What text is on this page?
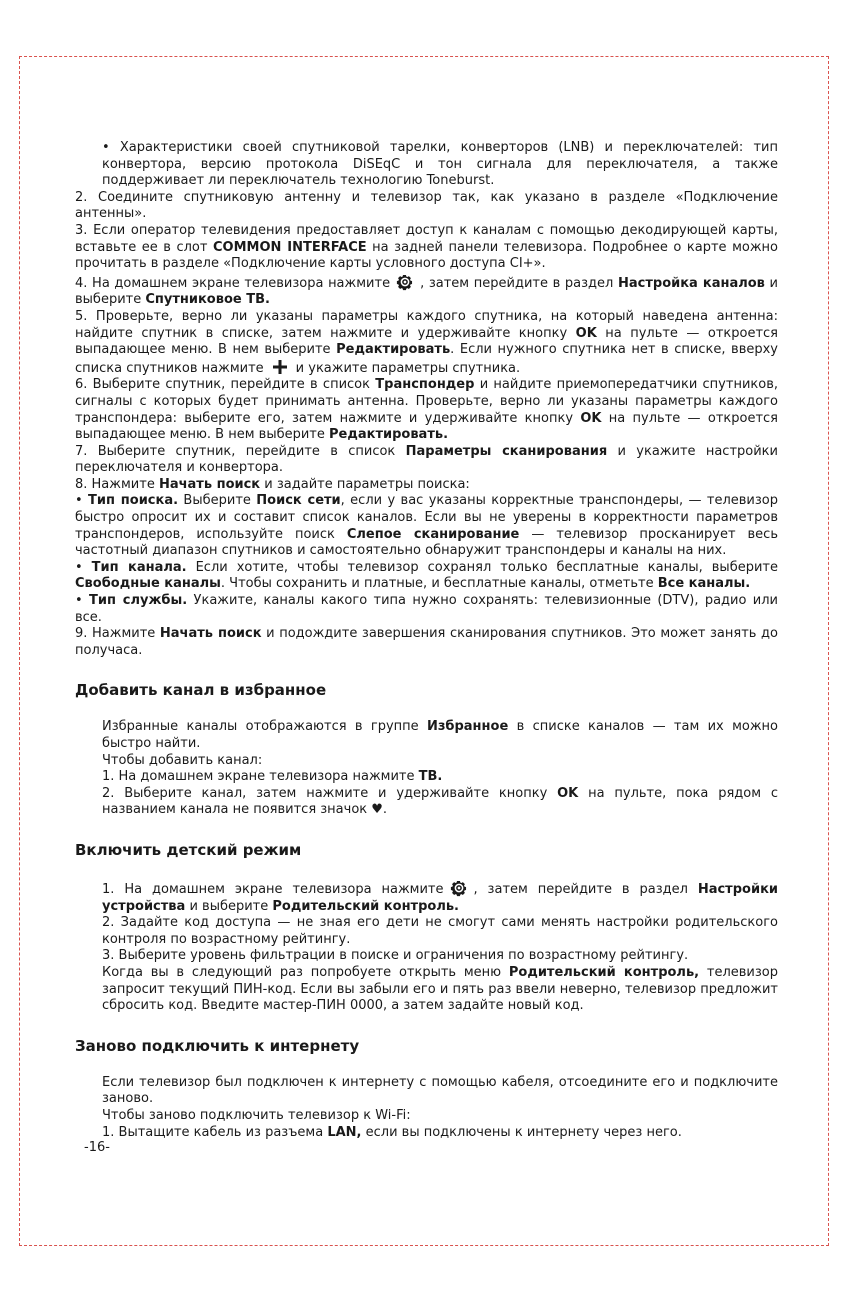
• Характеристики своей спутниковой тарелки, конверторов (LNB) и переключателей: тип конвертора, версию протокола DiSEqC и тон сигнала для переключателя, а также поддерживает ли переключатель технологию Toneburst.

2. Соедините спутниковую антенну и телевизор так, как указано в разделе «Подключение антенны».

3. Если оператор телевидения предоставляет доступ к каналам с помощью декодирующей карты, вставьте ее в слот COMMON INTERFACE на задней панели телевизора. Подробнее о карте можно прочитать в разделе «Подключение карты условного доступа CI+».

4. На домашнем экране телевизора нажмите , затем перейдите в раздел Настройка каналов и выберите Спутниковое ТВ.

5. Проверьте, верно ли указаны параметры каждого спутника, на который наведена антенна: найдите спутник в списке, затем нажмите и удерживайте кнопку OK на пульте — откроется выпадающее меню. В нем выберите Редактировать. Если нужного спутника нет в списке, вверху списка спутников нажмите и укажите параметры спутника.

6. Выберите спутник, перейдите в список Транспондер и найдите приемопередатчики спутников, сигналы с которых будет принимать антенна. Проверьте, верно ли указаны параметры каждого транспондера: выберите его, затем нажмите и удерживайте кнопку OK на пульте — откроется выпадающее меню. В нем выберите Редактировать.

7. Выберите спутник, перейдите в список Параметры сканирования и укажите настройки переключателя и конвертора.

8. Нажмите Начать поиск и задайте параметры поиска:

• Тип поиска. Выберите Поиск сети, если у вас указаны корректные транспондеры, — телевизор быстро опросит их и составит список каналов. Если вы не уверены в корректности параметров транспондеров, используйте поиск Слепое сканирование — телевизор просканирует весь частотный диапазон спутников и самостоятельно обнаружит транспондеры и каналы на них.

• Тип канала. Если хотите, чтобы телевизор сохранял только бесплатные каналы, выберите Свободные каналы. Чтобы сохранить и платные, и бесплатные каналы, отметьте Все каналы.

• Тип службы. Укажите, каналы какого типа нужно сохранять: телевизионные (DTV), радио или все.

9. Нажмите Начать поиск и подождите завершения сканирования спутников. Это может занять до получаса.

Добавить канал в избранное

Избранные каналы отображаются в группе Избранное в списке каналов — там их можно быстро найти.

Чтобы добавить канал:

1. На домашнем экране телевизора нажмите ТВ.

2. Выберите канал, затем нажмите и удерживайте кнопку OK на пульте, пока рядом с названием канала не появится значок ♥.

Включить детский режим

1. На домашнем экране телевизора нажмите , затем перейдите в раздел Настройки устройства и выберите Родительский контроль.

2. Задайте код доступа — не зная его дети не смогут сами менять настройки родительского контроля по возрастному рейтингу.

3. Выберите уровень фильтрации в поиске и ограничения по возрастному рейтингу.

Когда вы в следующий раз попробуете открыть меню Родительский контроль, телевизор запросит текущий ПИН-код. Если вы забыли его и пять раз ввели неверно, телевизор предложит сбросить код. Введите мастер-ПИН 0000, а затем задайте новый код.

Заново подключить к интернету

Если телевизор был подключен к интернету с помощью кабеля, отсоедините его и подключите заново.

Чтобы заново подключить телевизор к Wi-Fi:

1. Вытащите кабель из разъема LAN, если вы подключены к интернету через него.

-16-
